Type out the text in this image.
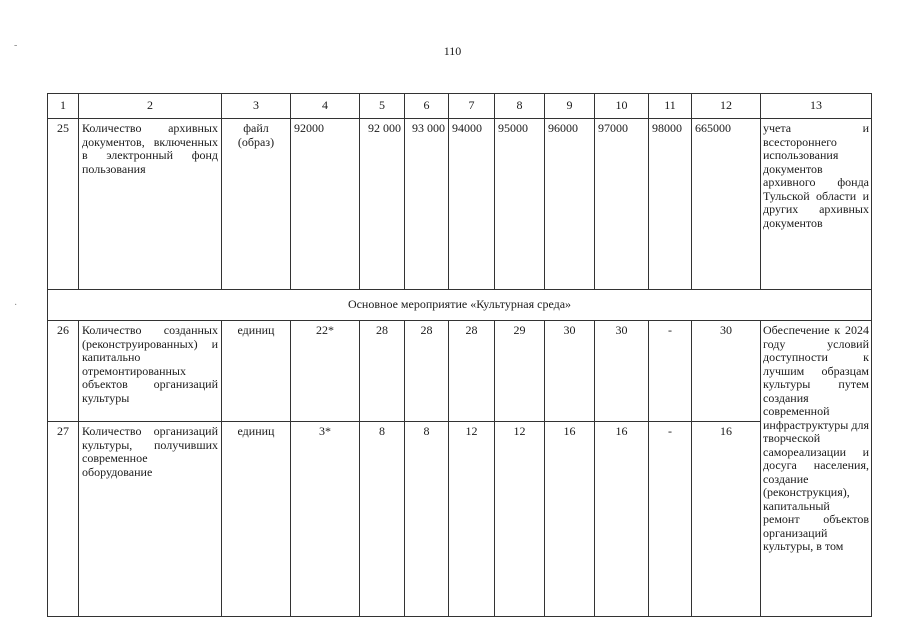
110
-
·
1	2	3	4	5	6	7	8	9	10	11	12	13
25	Количество архивных документов, включенных в электронный фонд пользования	файл (образ)	92000	92 000	93 000	94000	95000	96000	97000	98000	665000	учета и всестороннего использования документов архивного фонда Тульской области и других архивных документов
Основное мероприятие «Культурная среда»												
26	Количество созданных (реконструированных) и капитально отремонтированных объектов организаций культуры	единиц	22*	28	28	28	29	30	30	-	30	Обеспечение к 2024 году условий доступности к лучшим образцам культуры путем создания современной инфраструктуры для творческой самореализации и досуга населения, создание (реконструкция), капитальный ремонт объектов организаций культуры, в том
27	Количество организаций культуры, получивших современное оборудование	единиц	3*	8	8	12	12	16	16	-	16	
